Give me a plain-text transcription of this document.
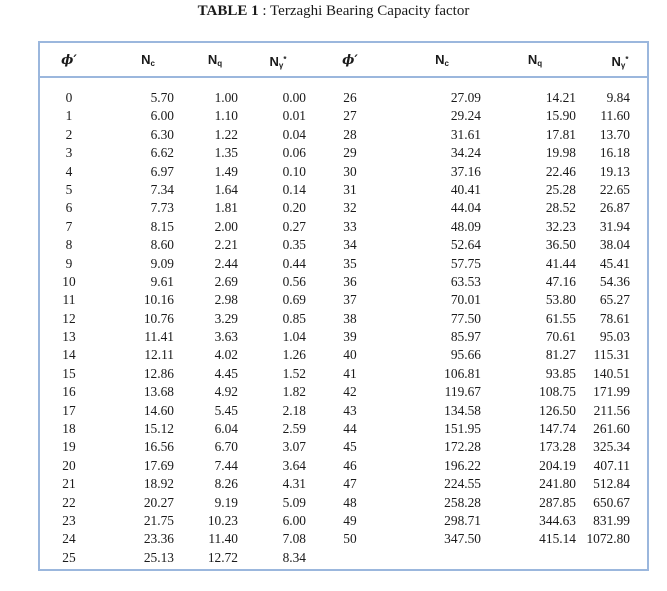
TABLE 1 : Terzaghi Bearing Capacity factor
ϕ′	$N_c$	$N_q$	$N_\gamma^*$	ϕ′	$N_c$	$N_q$	$N_\gamma^*$
0	5.70	1.00	0.00	26	27.09	14.21	9.84
1	6.00	1.10	0.01	27	29.24	15.90	11.60
2	6.30	1.22	0.04	28	31.61	17.81	13.70
3	6.62	1.35	0.06	29	34.24	19.98	16.18
4	6.97	1.49	0.10	30	37.16	22.46	19.13
5	7.34	1.64	0.14	31	40.41	25.28	22.65
6	7.73	1.81	0.20	32	44.04	28.52	26.87
7	8.15	2.00	0.27	33	48.09	32.23	31.94
8	8.60	2.21	0.35	34	52.64	36.50	38.04
9	9.09	2.44	0.44	35	57.75	41.44	45.41
10	9.61	2.69	0.56	36	63.53	47.16	54.36
11	10.16	2.98	0.69	37	70.01	53.80	65.27
12	10.76	3.29	0.85	38	77.50	61.55	78.61
13	11.41	3.63	1.04	39	85.97	70.61	95.03
14	12.11	4.02	1.26	40	95.66	81.27	115.31
15	12.86	4.45	1.52	41	106.81	93.85	140.51
16	13.68	4.92	1.82	42	119.67	108.75	171.99
17	14.60	5.45	2.18	43	134.58	126.50	211.56
18	15.12	6.04	2.59	44	151.95	147.74	261.60
19	16.56	6.70	3.07	45	172.28	173.28	325.34
20	17.69	7.44	3.64	46	196.22	204.19	407.11
21	18.92	8.26	4.31	47	224.55	241.80	512.84
22	20.27	9.19	5.09	48	258.28	287.85	650.67
23	21.75	10.23	6.00	49	298.71	344.63	831.99
24	23.36	11.40	7.08	50	347.50	415.14 1072.80
25	25.13	12.72	8.34
